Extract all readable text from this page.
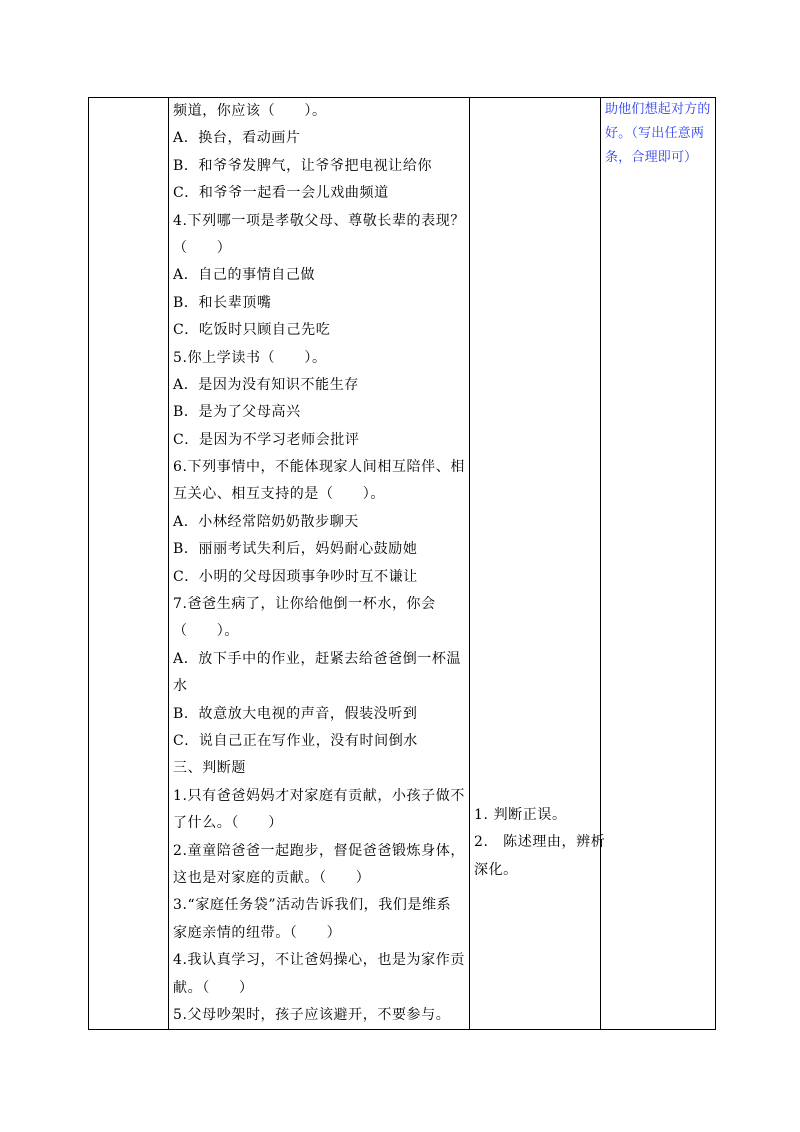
频道，你应该（　　）。
A．换台，看动画片
B．和爷爷发脾气，让爷爷把电视让给你
C．和爷爷一起看一会儿戏曲频道
4.下列哪一项是孝敬父母、尊敬长辈的表现？
（　　）
A．自己的事情自己做
B．和长辈顶嘴
C．吃饭时只顾自己先吃
5.你上学读书（　　）。
A．是因为没有知识不能生存
B．是为了父母高兴
C．是因为不学习老师会批评
6.下列事情中，不能体现家人间相互陪伴、相
互关心、相互支持的是（　　）。
A．小林经常陪奶奶散步聊天
B．丽丽考试失利后，妈妈耐心鼓励她
C．小明的父母因琐事争吵时互不谦让
7.爸爸生病了，让你给他倒一杯水，你会
（　　）。
A．放下手中的作业，赶紧去给爸爸倒一杯温
水
B．故意放大电视的声音，假装没听到
C．说自己正在写作业，没有时间倒水
三、判断题
1.只有爸爸妈妈才对家庭有贡献，小孩子做不
了什么。（　　）
2.童童陪爸爸一起跑步，督促爸爸锻炼身体，
这也是对家庭的贡献。（　　）
3.“家庭任务袋”活动告诉我们，我们是维系
家庭亲情的纽带。（　　）
4.我认真学习，不让爸妈操心，也是为家作贡
献。（　　）
5.父母吵架时，孩子应该避开，不要参与。

1. 判断正误。
2.　陈述理由，辨析
深化。

助他们想起对方的
好。（写出任意两
条，合理即可）
